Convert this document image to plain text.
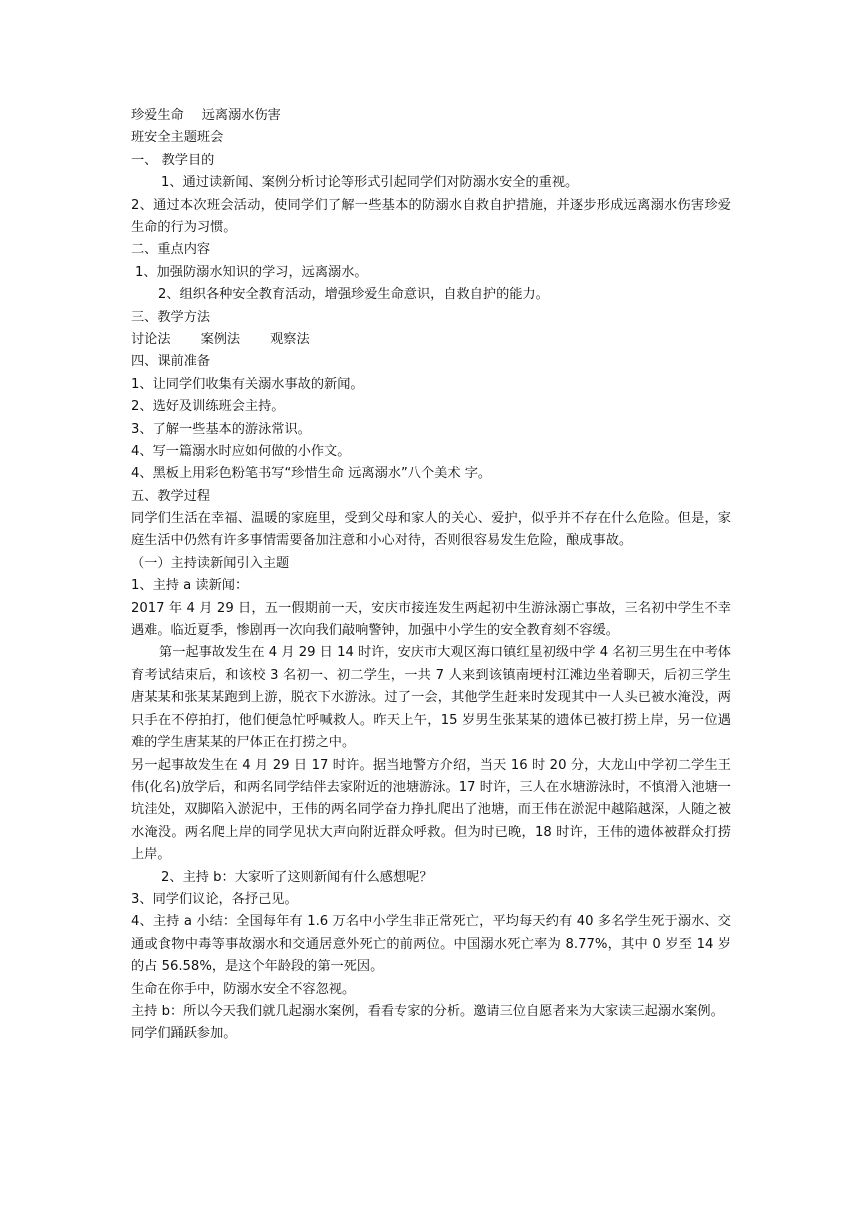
珍爱生命 远离溺水伤害
班安全主题班会
一、 教学目的
1、通过读新闻、案例分析讨论等形式引起同学们对防溺水安全的重视。

2、通过本次班会活动，使同学们了解一些基本的防溺水自救自护措施，并逐步形成远离溺水伤害珍爱生命的行为习惯。

二、重点内容
1、加强防溺水知识的学习，远离溺水。
2、组织各种安全教育活动，增强珍爱生命意识，自救自护的能力。
三、教学方法
讨论法 案例法 观察法
四、课前准备
1、让同学们收集有关溺水事故的新闻。
2、选好及训练班会主持。
3、了解一些基本的游泳常识。
4、写一篇溺水时应如何做的小作文。
4、黑板上用彩色粉笔书写“珍惜生命 远离溺水”八个美术 字。
五、教学过程

同学们生活在幸福、温暖的家庭里，受到父母和家人的关心、爱护，似乎并不存在什么危险。但是，家庭生活中仍然有许多事情需要备加注意和小心对待，否则很容易发生危险，酿成事故。

（一）主持读新闻引入主题
1、主持 a 读新闻：

2017 年 4 月 29 日，五一假期前一天，安庆市接连发生两起初中生游泳溺亡事故，三名初中学生不幸遇难。临近夏季，惨剧再一次向我们敲响警钟，加强中小学生的安全教育刻不容缓。

第一起事故发生在 4 月 29 日 14 时许，安庆市大观区海口镇红星初级中学 4 名初三男生在中考体育考试结束后，和该校 3 名初一、初二学生，一共 7 人来到该镇南埂村江滩边坐着聊天，后初三学生唐某某和张某某跑到上游，脱衣下水游泳。过了一会，其他学生赶来时发现其中一人头已被水淹没，两只手在不停拍打，他们便急忙呼喊救人。昨天上午，15 岁男生张某某的遗体已被打捞上岸，另一位遇难的学生唐某某的尸体正在打捞之中。

另一起事故发生在 4 月 29 日 17 时许。据当地警方介绍，当天 16 时 20 分，大龙山中学初二学生王伟(化名)放学后，和两名同学结伴去家附近的池塘游泳。17 时许，三人在水塘游泳时，不慎滑入池塘一坑洼处，双脚陷入淤泥中，王伟的两名同学奋力挣扎爬出了池塘，而王伟在淤泥中越陷越深，人随之被水淹没。两名爬上岸的同学见状大声向附近群众呼救。但为时已晚，18 时许，王伟的遗体被群众打捞上岸。

2、主持 b：大家听了这则新闻有什么感想呢？
3、同学们议论，各抒己见。

4、主持 a 小结：全国每年有 1.6 万名中小学生非正常死亡，平均每天约有 40 多名学生死于溺水、交通或食物中毒等事故溺水和交通居意外死亡的前两位。中国溺水死亡率为 8.77%，其中 0 岁至 14 岁的占 56.58%，是这个年龄段的第一死因。

生命在你手中，防溺水安全不容忽视。

主持 b：所以今天我们就几起溺水案例，看看专家的分析。邀请三位自愿者来为大家读三起溺水案例。

同学们踊跃参加。
